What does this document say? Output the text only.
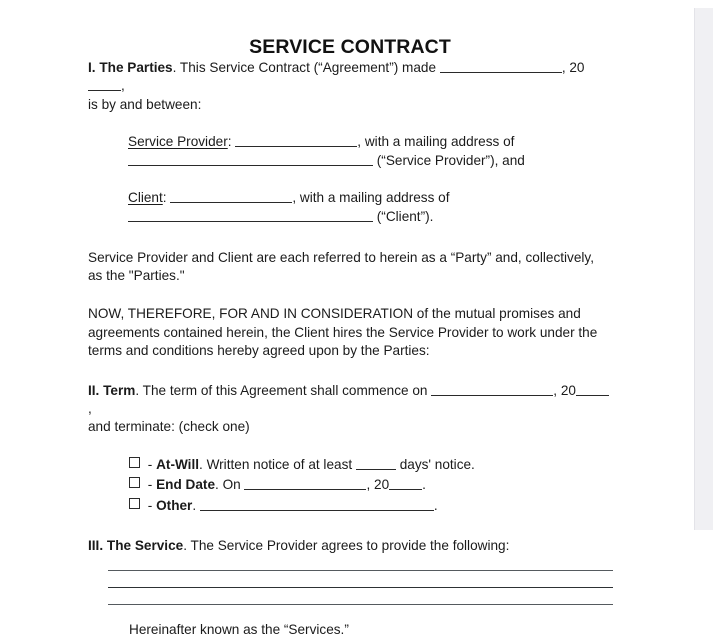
SERVICE CONTRACT

I. The Parties. This Service Contract (“Agreement”) made	, 20,
is by and between:

Service Provider:	, with a mailing address of
(“Service Provider”), and

Client:	, with a mailing address of
(“Client”).

Service Provider and Client are each referred to herein as a “Party” and, collectively, as the "Parties."

NOW, THEREFORE, FOR AND IN CONSIDERATION of the mutual promises and agreements contained herein, the Client hires the Service Provider to work under the terms and conditions hereby agreed upon by the Parties:

II. Term. The term of this Agreement shall commence on	, 20,
and terminate: (check one)

- At-Will. Written notice of at least	days' notice.
- End Date. On	, 20 .
- Other.	.

III. The Service. The Service Provider agrees to provide the following:

Hereinafter known as the “Services.”
